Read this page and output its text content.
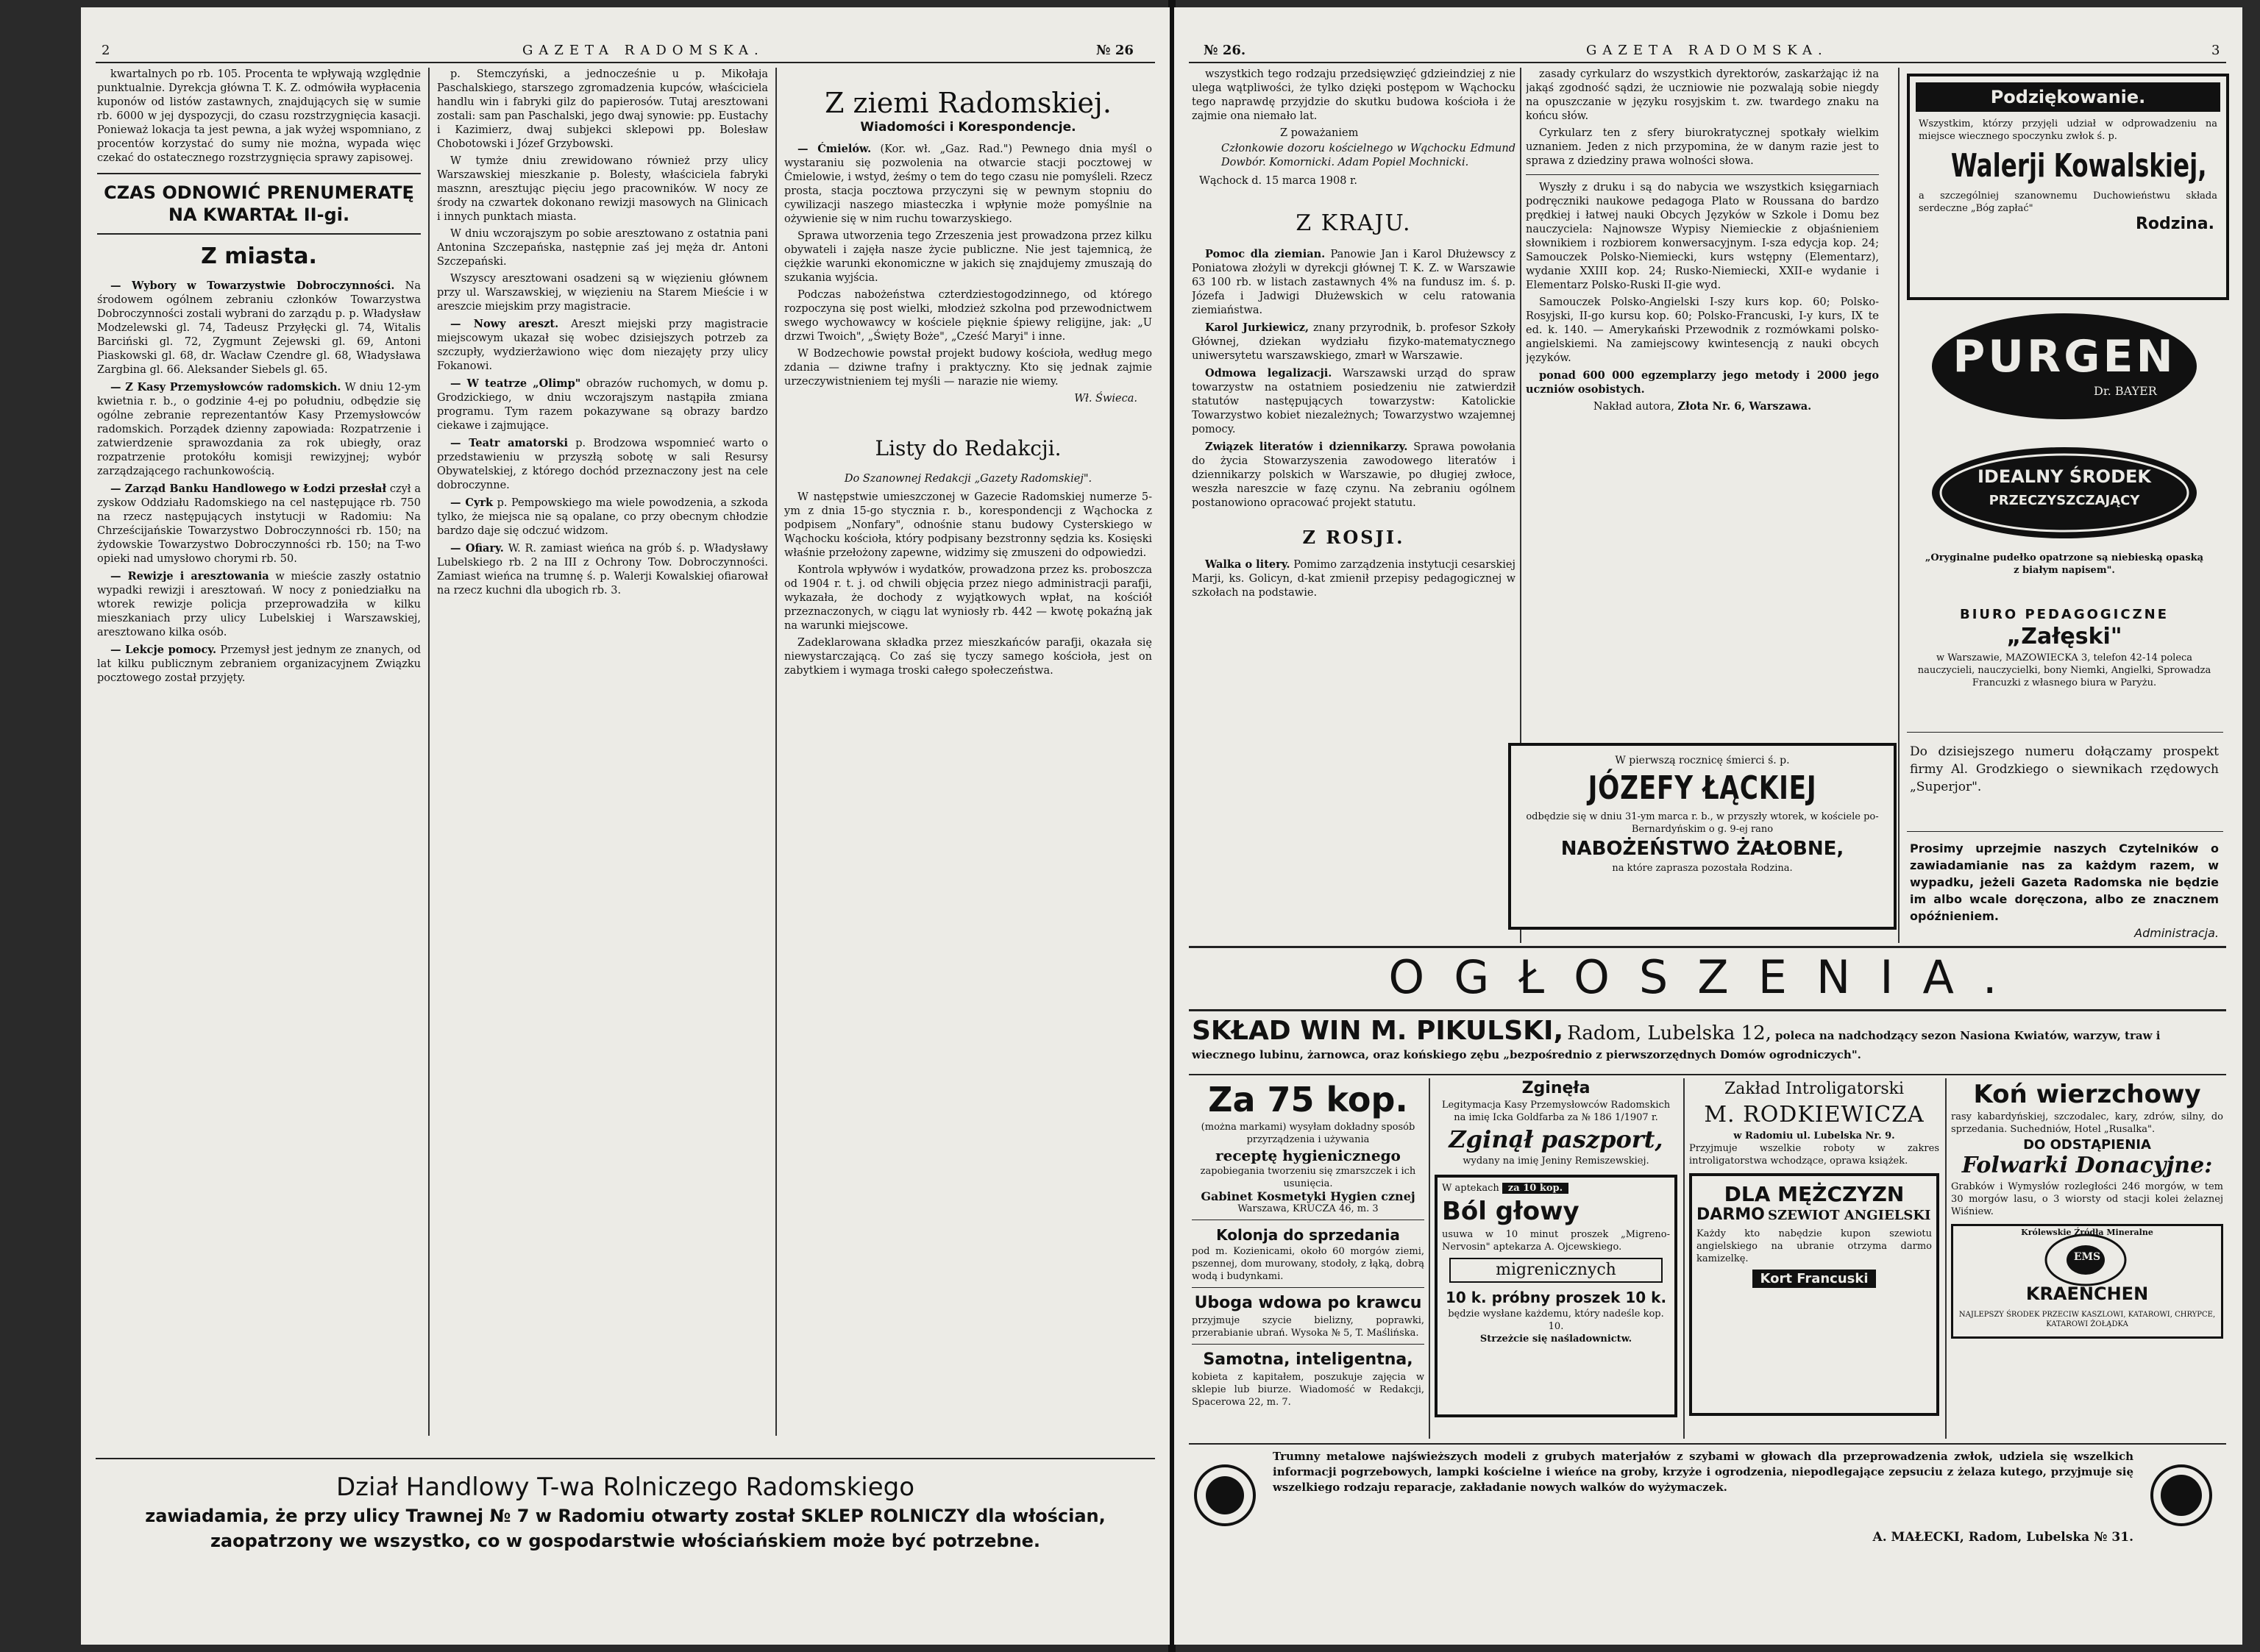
2	GAZETA RADOMSKA.	№ 26

kwartalnych po rb. 105. Procenta te wpływają względnie punktualnie. Dyrekcja główna T. K. Z. odmówiła wypłacenia kuponów od listów zastawnych, znajdujących się w sumie rb. 6000 w jej dyspozycji, do czasu rozstrzygnięcia kasacji. Ponieważ lokacja ta jest pewna, a jak wyżej wspomniano, z procentów korzystać do sumy nie można, wypada więc czekać do ostatecznego rozstrzygnięcia sprawy zapisowej.

CZAS ODNOWIĆ PRENUMERATĘ NA KWARTAŁ II-gi.
Z miasta.

— Wybory w Towarzystwie Dobroczynności. Na środowem ogólnem zebraniu członków Towarzystwa Dobroczynności zostali wybrani do zarządu p. p. Władysław Modzelewski gl. 74, Tadeusz Przyłęcki gl. 74, Witalis Barciński gl. 72, Zygmunt Zejewski gl. 69, Antoni Piaskowski gl. 68, dr. Wacław Czendre gl. 68, Władysława Zargbina gl. 66. Aleksander Siebels gl. 65.

— Z Kasy Przemysłowców radomskich. W dniu 12-ym kwietnia r. b., o godzinie 4-ej po południu, odbędzie się ogólne zebranie reprezentantów Kasy Przemysłowców radomskich. Porządek dzienny zapowiada: Rozpatrzenie i zatwierdzenie sprawozdania za rok ubiegły, oraz rozpatrzenie protokółu komisji rewizyjnej; wybór zarządzającego rachunkowością.

— Zarząd Banku Handlowego w Łodzi przesłał czył a zyskow Oddziału Radomskiego na cel następujące rb. 750 na rzecz następujących instytucji w Radomiu: Na Chrześcijańskie Towarzystwo Dobroczynności rb. 150; na żydowskie Towarzystwo Dobroczynności rb. 150; na T-wo opieki nad umysłowo chorymi rb. 50.

— Rewizje i aresztowania w mieście zaszły ostatnio wypadki rewizji i aresztowań. W nocy z poniedziałku na wtorek rewizje policja przeprowadziła w kilku mieszkaniach przy ulicy Lubelskiej i Warszawskiej, aresztowano kilka osób.

— Lekcje pomocy. Przemysł jest jednym ze znanych, od lat kilku publicznym zebraniem organizacyjnem Związku pocztowego został przyjęty.

p. Stemczyński, a jednocześnie u p. Mikołaja Paschalskiego, starszego zgromadzenia kupców, właściciela handlu win i fabryki gilz do papierosów. Tutaj aresztowani zostali: sam pan Paschalski, jego dwaj synowie: pp. Eustachy i Kazimierz, dwaj subjekci sklepowi pp. Bolesław Chobotowski i Józef Grzybowski.

W tymże dniu zrewidowano również przy ulicy Warszawskiej mieszkanie p. Bolesty, właściciela fabryki masznn, aresztując pięciu jego pracowników. W nocy ze środy na czwartek dokonano rewizji masowych na Glinicach i innych punktach miasta.

W dniu wczorajszym po sobie aresztowano z ostatnia pani Antonina Szczepańska, następnie zaś jej męża dr. Antoni Szczepański.

Wszyscy aresztowani osadzeni są w więzieniu głównem przy ul. Warszawskiej, w więzieniu na Starem Mieście i w areszcie miejskim przy magistracie.

— Nowy areszt. Areszt miejski przy magistracie miejscowym ukazał się wobec dzisiejszych potrzeb za szczupły, wydzierżawiono więc dom niezajęty przy ulicy Fokanowi.

— W teatrze „Olimp" obrazów ruchomych, w domu p. Grodzickiego, w dniu wczorajszym nastąpiła zmiana programu. Tym razem pokazywane są obrazy bardzo ciekawe i zajmujące.

— Teatr amatorski p. Brodzowa wspomnieć warto o przedstawieniu w przyszłą sobotę w sali Resursy Obywatelskiej, z którego dochód przeznaczony jest na cele dobroczynne.

— Cyrk p. Pempowskiego ma wiele powodzenia, a szkoda tylko, że miejsca nie są opalane, co przy obecnym chłodzie bardzo daje się odczuć widzom.

— Ofiary. W. R. zamiast wieńca na grób ś. p. Władysławy Lubelskiego rb. 2 na III z Ochrony Tow. Dobroczynności. Zamiast wieńca na trumnę ś. p. Walerji Kowalskiej ofiarował na rzecz kuchni dla ubogich rb. 3.

Z ziemi Radomskiej.
Wiadomości i Korespondencje.

— Ćmielów. (Kor. wł. „Gaz. Rad.") Pewnego dnia myśl o wystaraniu się pozwolenia na otwarcie stacji pocztowej w Ćmielowie, i wstyd, żeśmy o tem do tego czasu nie pomyśleli. Rzecz prosta, stacja pocztowa przyczyni się w pewnym stopniu do cywilizacji naszego miasteczka i wpłynie może pomyślnie na ożywienie się w nim ruchu towarzyskiego.

Sprawa utworzenia tego Zrzeszenia jest prowadzona przez kilku obywateli i zajęła nasze życie publiczne. Nie jest tajemnicą, że ciężkie warunki ekonomiczne w jakich się znajdujemy zmuszają do szukania wyjścia.

Podczas nabożeństwa czterdziestogodzinnego, od którego rozpoczyna się post wielki, młodzież szkolna pod przewodnictwem swego wychowawcy w kościele pięknie śpiewy religijne, jak: „U drzwi Twoich", „Święty Boże", „Cześć Maryi" i inne.

W Bodzechowie powstał projekt budowy kościoła, według mego zdania — dziwne trafny i praktyczny. Kto się jednak zajmie urzeczywistnieniem tej myśli — narazie nie wiemy.

Wł. Świeca.
Listy do Redakcji.
Do Szanownej Redakcji „Gazety Radomskiej".

W następstwie umieszczonej w Gazecie Radomskiej numerze 5-ym z dnia 15-go stycznia r. b., korespondencji z Wąchocka z podpisem „Nonfary", odnośnie stanu budowy Cysterskiego w Wąchocku kościoła, który podpisany bezstronny sędzia ks. Kosięski właśnie przełożony zapewne, widzimy się zmuszeni do odpowiedzi.

Kontrola wpływów i wydatków, prowadzona przez ks. proboszcza od 1904 r. t. j. od chwili objęcia przez niego administracji parafji, wykazała, że dochody z wyjątkowych wpłat, na kościół przeznaczonych, w ciągu lat wyniosły rb. 442 — kwotę pokaźną jak na warunki miejscowe.

Zadeklarowana składka przez mieszkańców parafji, okazała się niewystarczającą. Co zaś się tyczy samego kościoła, jest on zabytkiem i wymaga troski całego społeczeństwa.

Dział Handlowy T-wa Rolniczego Radomskiego
zawiadamia, że przy ulicy Trawnej № 7 w Radomiu otwarty został SKLEP ROLNICZY dla włościan,
zaopatrzony we wszystko, co w gospodarstwie włościańskiem może być potrzebne.
№ 26.	GAZETA RADOMSKA.	3

wszystkich tego rodzaju przedsięwzięć gdzieindziej z nie ulega wątpliwości, że tylko dzięki postępom w Wąchocku tego naprawdę przyjdzie do skutku budowa kościoła i że zajmie ona niemało lat.

Z poważaniem
Członkowie dozoru kościelnego w Wąchocku Edmund Dowbór. Komornicki. Adam Popiel Mochnicki.
Wąchock d. 15 marca 1908 r.
Z KRAJU.

Pomoc dla ziemian. Panowie Jan i Karol Dłużewscy z Poniatowa złożyli w dyrekcji głównej T. K. Z. w Warszawie 63 100 rb. w listach zastawnych 4% na fundusz im. ś. p. Józefa i Jadwigi Dłużewskich w celu ratowania ziemiaństwa.

Karol Jurkiewicz, znany przyrodnik, b. profesor Szkoły Głównej, dziekan wydziału fizyko-matematycznego uniwersytetu warszawskiego, zmarł w Warszawie.

Odmowa legalizacji. Warszawski urząd do spraw towarzystw na ostatniem posiedzeniu nie zatwierdził statutów następujących towarzystw: Katolickie Towarzystwo kobiet niezależnych; Towarzystwo wzajemnej pomocy.

Związek literatów i dziennikarzy. Sprawa powołania do życia Stowarzyszenia zawodowego literatów i dziennikarzy polskich w Warszawie, po długiej zwłoce, weszła nareszcie w fazę czynu. Na zebraniu ogólnem postanowiono opracować projekt statutu.

Z ROSJI.

Walka o litery. Pomimo zarządzenia instytucji cesarskiej Marji, ks. Golicyn, d-kat zmienił przepisy pedagogicznej w szkołach na podstawie.

zasady cyrkularz do wszystkich dyrektorów, zaskarżając iż na jakąś zgodność sądzi, że uczniowie nie pozwalają sobie niegdy na opuszczanie w języku rosyjskim t. zw. twardego znaku na końcu słów.

Cyrkularz ten z sfery biurokratycznej spotkały wielkim uznaniem. Jeden z nich przypomina, że w danym razie jest to sprawa z dziedziny prawa wolności słowa.

Wyszły z druku i są do nabycia we wszystkich księgarniach podręczniki naukowe pedagoga Plato w Roussana do bardzo prędkiej i łatwej nauki Obcych Języków w Szkole i Domu bez nauczyciela: Najnowsze Wypisy Niemieckie z objaśnieniem słownikiem i rozbiorem konwersacyjnym. I-sza edycja kop. 24; Samouczek Polsko-Niemiecki, kurs wstępny (Elementarz), wydanie XXIII kop. 24; Rusko-Niemiecki, XXII-e wydanie i Elementarz Polsko-Ruski II-gie wyd.

Samouczek Polsko-Angielski I-szy kurs kop. 60; Polsko-Rosyjski, II-go kursu kop. 60; Polsko-Francuski, I-y kurs, IX te ed. k. 140. — Amerykański Przewodnik z rozmówkami polsko-angielskiemi. Na zamiejscowy kwintesencją z nauki obcych języków.

ponad 600 000 egzemplarzy jego metody i 2000 jego uczniów osobistych.

Nakład autora, Złota Nr. 6, Warszawa.
W pierwszą rocznicę śmierci ś. p.
JÓZEFY ŁĄCKIEJ
odbędzie się w dniu 31-ym marca r. b., w przyszły wtorek, w kościele po-Bernardyńskim o g. 9-ej rano
NABOŻEŃSTWO ŻAŁOBNE,
na które zaprasza pozostała Rodzina.
Podziękowanie.
Wszystkim, którzy przyjęli udział w odprowadzeniu na miejsce wiecznego spoczynku zwłok ś. p.
Walerji Kowalskiej,
a szczególniej szanownemu Duchowieństwu składa serdeczne „Bóg zapłać"
Rodzina.
PURGEN
Dr. BAYER
IDEALNY ŚRODEK
PRZECZYSZCZAJĄCY
„Oryginalne pudełko opatrzone są niebieską opaską z białym napisem".
BIURO PEDAGOGICZNE
„Załęski"
w Warszawie, MAZOWIECKA 3, telefon 42-14 poleca nauczycieli, nauczycielki, bony Niemki, Angielki, Sprowadza Francuzki z własnego biura w Paryżu.
Do dzisiejszego numeru dołączamy prospekt firmy Al. Grodzkiego o siewnikach rzędowych „Superjor".
Prosimy uprzejmie naszych Czytelników o zawiadamianie nas za każdym razem, w wypadku, jeżeli Gazeta Radomska nie będzie im albo wcale doręczona, albo ze znacznem opóźnieniem.
Administracja.
OGŁOSZENIA.
SKŁAD WIN M. PIKULSKI, Radom, Lubelska 12, poleca na nadchodzący sezon Nasiona Kwiatów, warzyw, traw i wiecznego lubinu, żarnowca, oraz końskiego zębu „bezpośrednio z pierwszorzędnych Domów ogrodniczych".
Za 75 kop.
(można markami) wysyłam dokładny sposób przyrządzenia i używania
receptę hygienicznego
zapobiegania tworzeniu się zmarszczek i ich usunięcia.
Gabinet Kosmetyki Hygien cznej
Warszawa, KRUCZA 46, m. 3
Kolonja do sprzedania
pod m. Kozienicami, około 60 morgów ziemi, pszennej, dom murowany, stodoły, z łąką, dobrą wodą i budynkami.
Uboga wdowa po krawcu
przyjmuje szycie bielizny, poprawki, przerabianie ubrań. Wysoka № 5, T. Maślińska.
Samotna, inteligentna,
kobieta z kapitałem, poszukuje zajęcia w sklepie lub biurze. Wiadomość w Redakcji, Spacerowa 22, m. 7.
Zginęła
Legitymacja Kasy Przemysłowców Radomskich na imię Icka Goldfarba za № 186 1/1907 r.
Zginął paszport,
wydany na imię Jeniny Remiszewskiej.
W aptekach za 10 kop.
Ból głowy
usuwa w 10 minut proszek „Migreno-Nervosin" aptekarza A. Ojcewskiego.
migrenicznych
10 k. próbny proszek 10 k.
będzie wysłane każdemu, który nadeśle kop. 10.
Strzeżcie się naśladownictw.
Zakład Introligatorski
M. RODKIEWICZA
w Radomiu ul. Lubelska Nr. 9.
Przyjmuje wszelkie roboty w zakres introligatorstwa wchodzące, oprawa książek.
DLA MĘŻCZYZN
DARMO SZEWIOT ANGIELSKI
Każdy kto nabędzie kupon szewiotu angielskiego na ubranie otrzyma darmo kamizelkę.
Kort Francuski
Koń wierzchowy
rasy kabardyńskiej, szczodalec, kary, zdrów, silny, do sprzedania. Suchedniów, Hotel „Rusalka".
DO ODSTĄPIENIA
Folwarki Donacyjne:
Grabków i Wymysłów rozległości 246 morgów, w tem 30 morgów lasu, o 3 wiorsty od stacji kolei żelaznej Wiśniew.
Królewskie Źródła Mineralne
EMS
KRAENCHEN
NAJLEPSZY ŚRODEK PRZECIW KASZLOWI, KATAROWI, CHRYPCE, KATAROWI ŻOŁĄDKA
Trumny metalowe najświeższych modeli z grubych materjałów z szybami w głowach dla przeprowadzenia zwłok, udziela się wszelkich informacji pogrzebowych, lampki kościelne i wieńce na groby, krzyże i ogrodzenia, niepodlegające zepsuciu z żelaza kutego, przyjmuje się wszelkiego rodzaju reparacje, zakładanie nowych walków do wyżymaczek.
A. MAŁECKI, Radom, Lubelska № 31.
